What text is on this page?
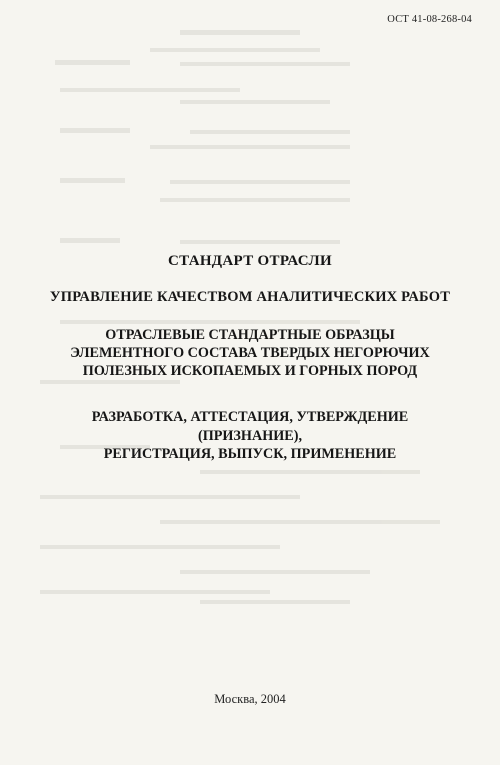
ОСТ 41-08-268-04
СТАНДАРТ ОТРАСЛИ
УПРАВЛЕНИЕ КАЧЕСТВОМ АНАЛИТИЧЕСКИХ РАБОТ
ОТРАСЛЕВЫЕ СТАНДАРТНЫЕ ОБРАЗЦЫ
ЭЛЕМЕНТНОГО СОСТАВА ТВЕРДЫХ НЕГОРЮЧИХ
ПОЛЕЗНЫХ ИСКОПАЕМЫХ И ГОРНЫХ ПОРОД
РАЗРАБОТКА, АТТЕСТАЦИЯ, УТВЕРЖДЕНИЕ
(ПРИЗНАНИЕ),
РЕГИСТРАЦИЯ, ВЫПУСК, ПРИМЕНЕНИЕ
Москва, 2004
